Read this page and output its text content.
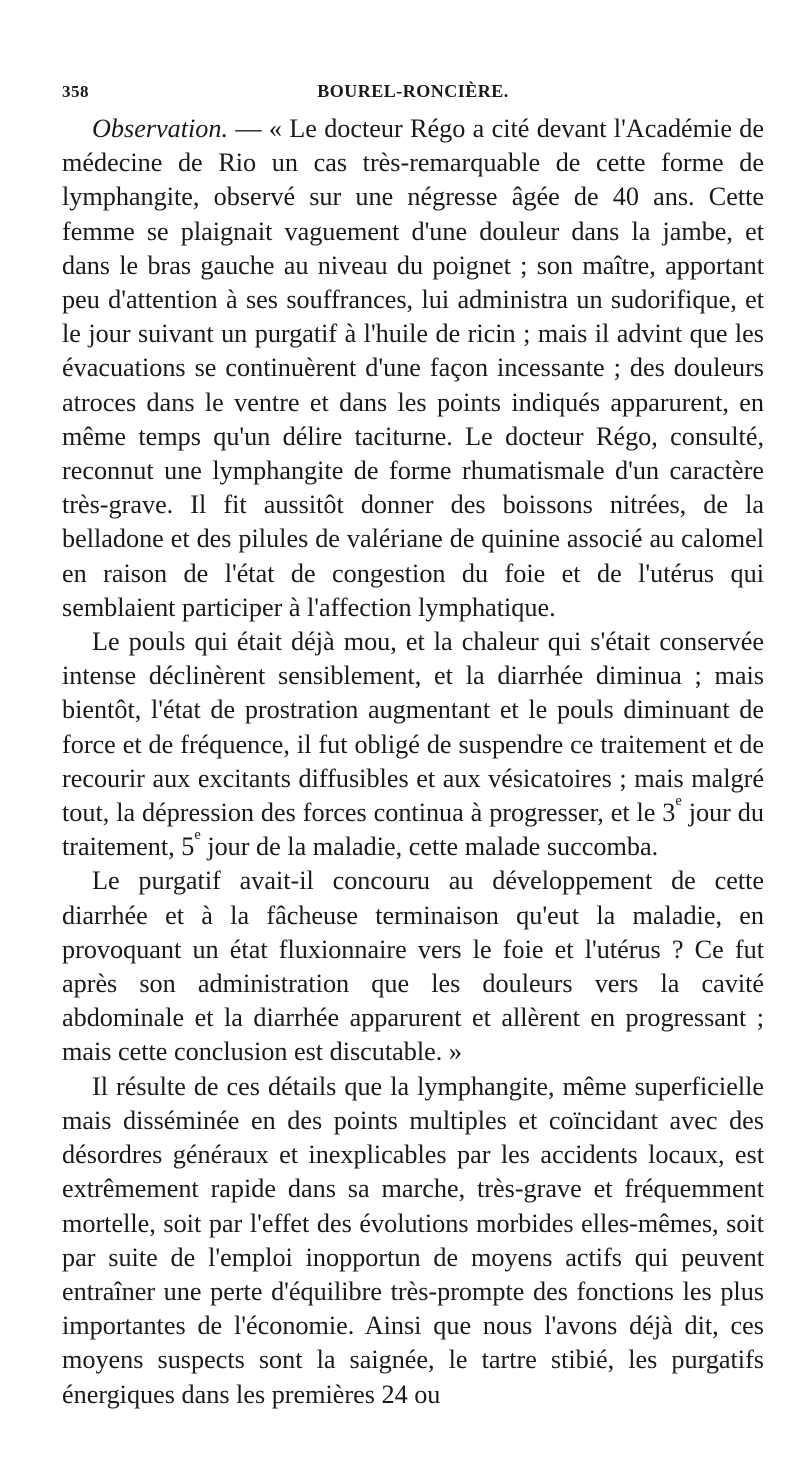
358	BOUREL-RONCIÈRE.

Observation. — « Le docteur Régo a cité devant l'Académie de médecine de Rio un cas très-remarquable de cette forme de lymphangite, observé sur une négresse âgée de 40 ans. Cette femme se plaignait vaguement d'une douleur dans la jambe, et dans le bras gauche au niveau du poignet ; son maître, apportant peu d'attention à ses souffrances, lui administra un sudorifique, et le jour suivant un purgatif à l'huile de ricin ; mais il advint que les évacuations se continuèrent d'une façon incessante ; des douleurs atroces dans le ventre et dans les points indiqués apparurent, en même temps qu'un délire taciturne. Le docteur Régo, consulté, reconnut une lymphangite de forme rhumatismale d'un caractère très-grave. Il fit aussitôt donner des boissons nitrées, de la belladone et des pilules de valériane de quinine associé au calomel en raison de l'état de congestion du foie et de l'utérus qui semblaient participer à l'affection lymphatique.

Le pouls qui était déjà mou, et la chaleur qui s'était conservée intense déclinèrent sensiblement, et la diarrhée diminua ; mais bientôt, l'état de prostration augmentant et le pouls diminuant de force et de fréquence, il fut obligé de suspendre ce traitement et de recourir aux excitants diffusibles et aux vésicatoires ; mais malgré tout, la dépression des forces continua à progresser, et le 3e jour du traitement, 5e jour de la maladie, cette malade succomba.

Le purgatif avait-il concouru au développement de cette diarrhée et à la fâcheuse terminaison qu'eut la maladie, en provoquant un état fluxionnaire vers le foie et l'utérus ? Ce fut après son administration que les douleurs vers la cavité abdominale et la diarrhée apparurent et allèrent en progressant ; mais cette conclusion est discutable. »

Il résulte de ces détails que la lymphangite, même superficielle mais disséminée en des points multiples et coïncidant avec des désordres généraux et inexplicables par les accidents locaux, est extrêmement rapide dans sa marche, très-grave et fréquemment mortelle, soit par l'effet des évolutions morbides elles-mêmes, soit par suite de l'emploi inopportun de moyens actifs qui peuvent entraîner une perte d'équilibre très-prompte des fonctions les plus importantes de l'économie. Ainsi que nous l'avons déjà dit, ces moyens suspects sont la saignée, le tartre stibié, les purgatifs énergiques dans les premières 24 ou
